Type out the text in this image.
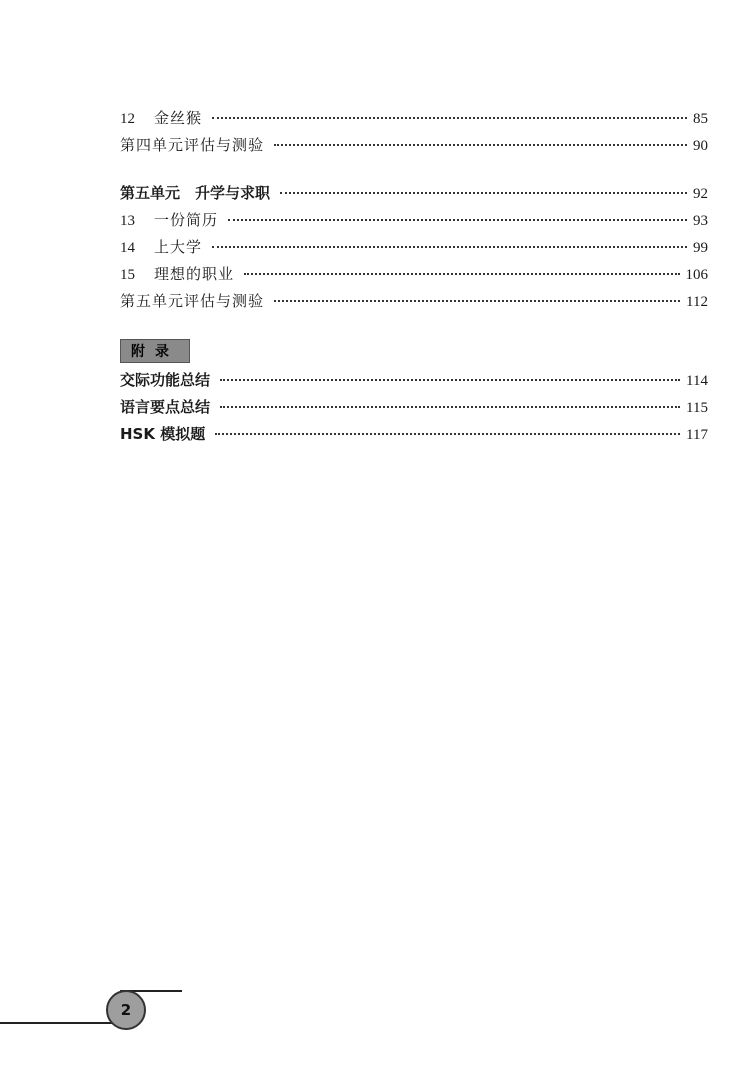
12	金丝猴	85
第四单元评估与测验	90
第五单元　升学与求职	92
13	一份简历	93
14	上大学	99
15	理想的职业	106
第五单元评估与测验	112
附录
交际功能总结	114
语言要点总结	115
HSK 模拟题	117
2
